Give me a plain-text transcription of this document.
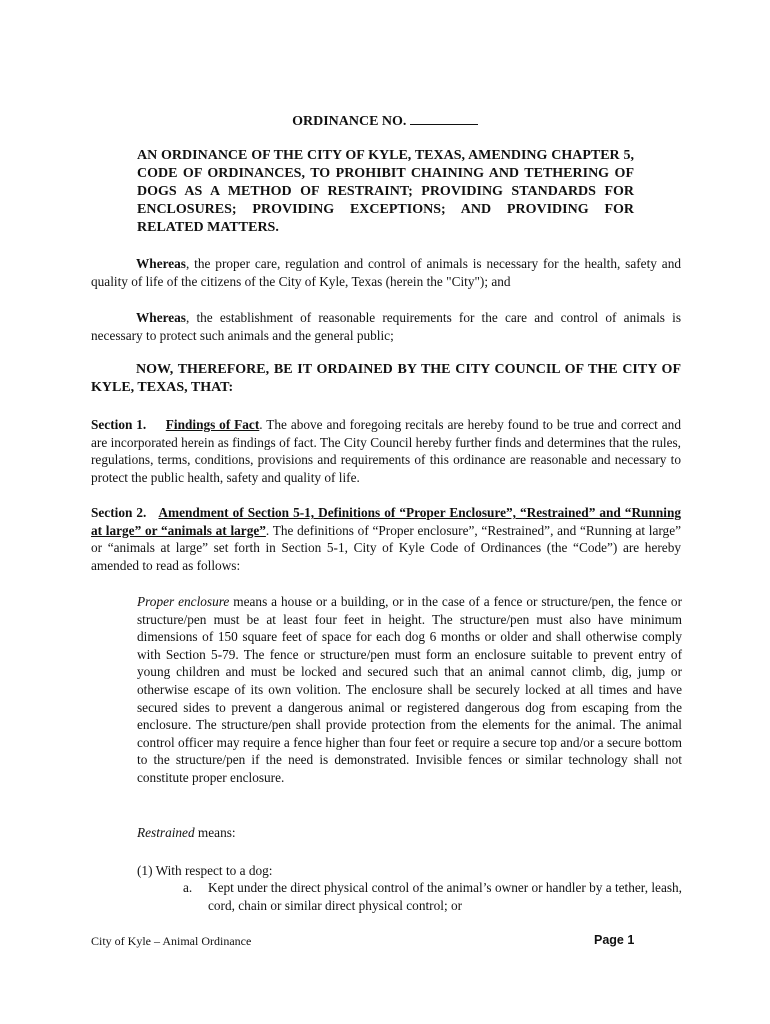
ORDINANCE NO.
AN ORDINANCE OF THE CITY OF KYLE, TEXAS, AMENDING CHAPTER 5, CODE OF ORDINANCES, TO PROHIBIT CHAINING AND TETHERING OF DOGS AS A METHOD OF RESTRAINT; PROVIDING STANDARDS FOR ENCLOSURES; PROVIDING EXCEPTIONS; AND PROVIDING FOR RELATED MATTERS.
Whereas, the proper care, regulation and control of animals is necessary for the health, safety and quality of life of the citizens of the City of Kyle, Texas (herein the "City"); and
Whereas, the establishment of reasonable requirements for the care and control of animals is necessary to protect such animals and the general public;
NOW, THEREFORE, BE IT ORDAINED BY THE CITY COUNCIL OF THE CITY OF KYLE, TEXAS, THAT:
Section 1. Findings of Fact. The above and foregoing recitals are hereby found to be true and correct and are incorporated herein as findings of fact. The City Council hereby further finds and determines that the rules, regulations, terms, conditions, provisions and requirements of this ordinance are reasonable and necessary to protect the public health, safety and quality of life.
Section 2. Amendment of Section 5-1, Definitions of “Proper Enclosure”, “Restrained” and “Running at large” or “animals at large”. The definitions of “Proper enclosure”, “Restrained”, and “Running at large” or “animals at large” set forth in Section 5-1, City of Kyle Code of Ordinances (the “Code”) are hereby amended to read as follows:
Proper enclosure means a house or a building, or in the case of a fence or structure/pen, the fence or structure/pen must be at least four feet in height. The structure/pen must also have minimum dimensions of 150 square feet of space for each dog 6 months or older and shall otherwise comply with Section 5-79. The fence or structure/pen must form an enclosure suitable to prevent entry of young children and must be locked and secured such that an animal cannot climb, dig, jump or otherwise escape of its own volition. The enclosure shall be securely locked at all times and have secured sides to prevent a dangerous animal or registered dangerous dog from escaping from the enclosure. The structure/pen shall provide protection from the elements for the animal. The animal control officer may require a fence higher than four feet or require a secure top and/or a secure bottom to the structure/pen if the need is demonstrated. Invisible fences or similar technology shall not constitute proper enclosure.
Restrained means:
(1) With respect to a dog:
a. Kept under the direct physical control of the animal’s owner or handler by a tether, leash, cord, chain or similar direct physical control; or
City of Kyle – Animal Ordinance	Page 1
